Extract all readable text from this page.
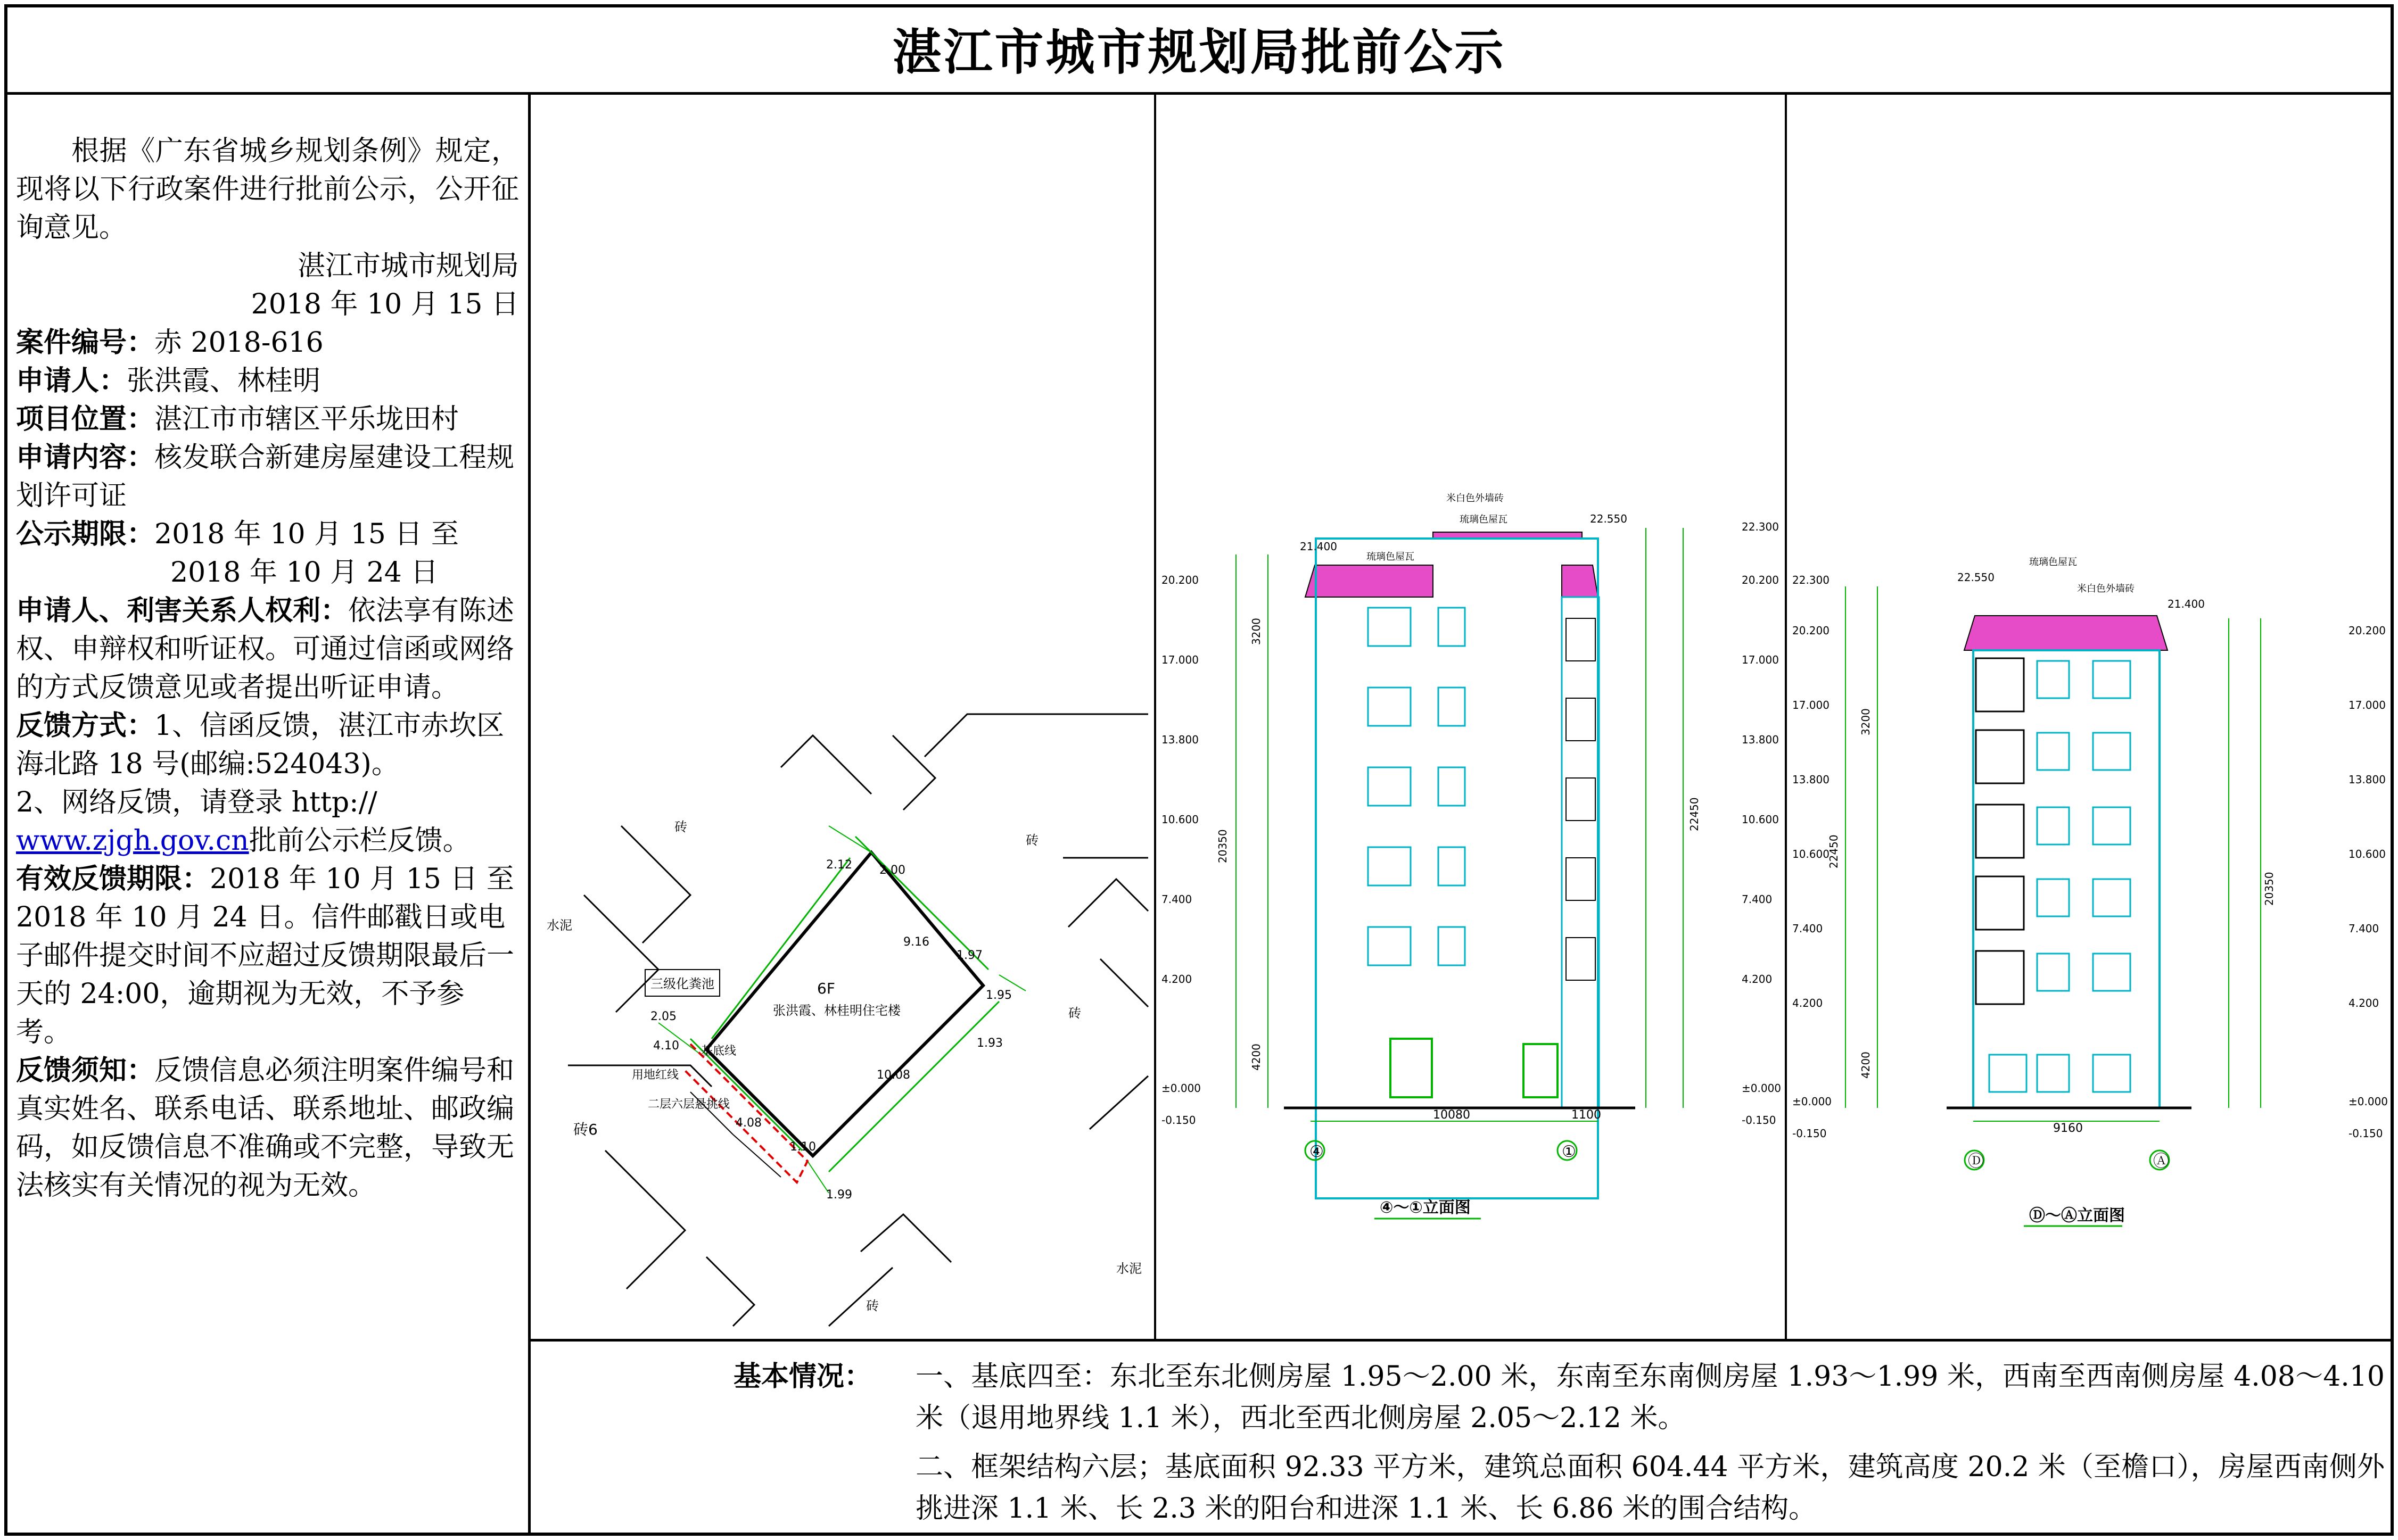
湛江市城市规划局批前公示

根据《广东省城乡规划条例》规定，现将以下行政案件进行批前公示，公开征询意见。

湛江市城市规划局

2018 年 10 月 15 日

案件编号：赤 2018-616

申请人：张洪霞、林桂明

项目位置：湛江市市辖区平乐垅田村

申请内容：核发联合新建房屋建设工程规划许可证

公示期限：2018 年 10 月 15 日 至

2018 年 10 月 24 日

申请人、利害关系人权利：依法享有陈述权、申辩权和听证权。可通过信函或网络的方式反馈意见或者提出听证申请。

反馈方式：1、信函反馈，湛江市赤坎区海北路 18 号(邮编:524043)。

2、网络反馈，请登录 http://
www.zjgh.gov.cn批前公示栏反馈。

有效反馈期限：2018 年 10 月 15 日 至 2018 年 10 月 24 日。信件邮戳日或电子邮件提交时间不应超过反馈期限最后一天的 24:00，逾期视为无效，不予参考。

反馈须知：反馈信息必须注明案件编号和真实姓名、联系电话、联系地址、邮政编码，如反馈信息不准确或不完整，导致无法核实有关情况的视为无效。

三级化粪池	6F
张洪霞、林桂明住宅楼
基底线
用地红线
二层六层悬挑线
水泥
水泥
砖
砖
砖
砖
砖6
2.12 2.00
9.16
1.97
1.95
1.93
10.08
2.05
4.10
4.08
1.10
1.99
④	①
10080	1100
琉璃色屋瓦
琉璃色屋瓦
米白色外墙砖
21.400
22.550
20350
22450
3200
4200
20.200
17.000
13.800
10.600
7.400
4.200
±0.000
-0.150
22.300
20.200
17.000
13.800
10.600
7.400
4.200
±0.000
-0.150
④～①立面图
Ⓓ	Ⓐ
9160
琉璃色屋瓦
米白色外墙砖
22.550
21.400
22450
20350
3200
4200
22.300
20.200
17.000
13.800
10.600
7.400
4.200
±0.000
-0.150
20.200
17.000
13.800
10.600
7.400
4.200
±0.000
-0.150
Ⓓ～Ⓐ立面图
基本情况： 一、基底四至：东北至东北侧房屋 1.95～2.00 米，东南至东南侧房屋 1.93～1.99 米，西南至西南侧房屋 4.08～4.10 米（退用地界线 1.1 米），西北至西北侧房屋 2.05～2.12 米。
二、框架结构六层；基底面积 92.33 平方米，建筑总面积 604.44 平方米，建筑高度 20.2 米（至檐口），房屋西南侧外挑进深 1.1 米、长 2.3 米的阳台和进深 1.1 米、长 6.86 米的围合结构。
